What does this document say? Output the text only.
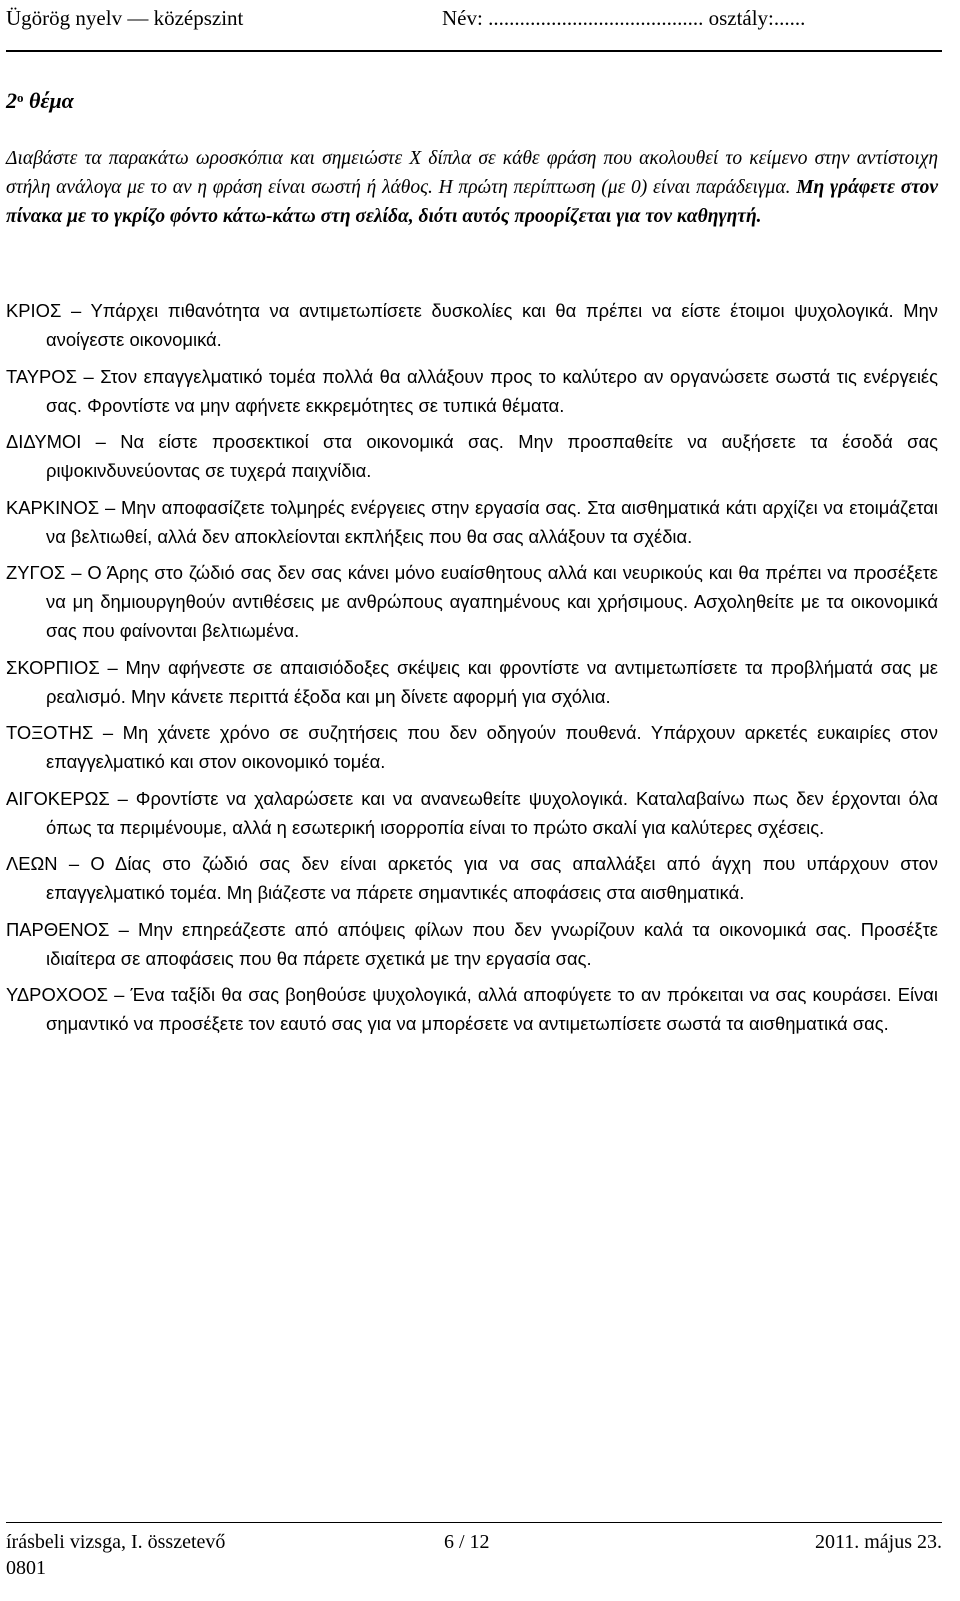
Ügörög nyelv — középszint	Név: ......................................... osztály:......
$2^o$ θέμα
Διαβάστε τα παρακάτω ωροσκόπια και σημειώστε X δίπλα σε κάθε φράση που ακολουθεί το κείμενο στην αντίστοιχη στήλη ανάλογα με το αν η φράση είναι σωστή ή λάθος. Η πρώτη περίπτωση (με 0) είναι παράδειγμα. Μη γράφετε στον πίνακα με το γκρίζο φόντο κάτω-κάτω στη σελίδα, διότι αυτός προορίζεται για τον καθηγητή.
ΚΡΙΟΣ – Υπάρχει πιθανότητα να αντιμετωπίσετε δυσκολίες και θα πρέπει να είστε έτοιμοι ψυχολογικά. Μην ανοίγεστε οικονομικά.
ΤΑΥΡΟΣ – Στον επαγγελματικό τομέα πολλά θα αλλάξουν προς το καλύτερο αν οργανώσετε σωστά τις ενέργειές σας. Φροντίστε να μην αφήνετε εκκρεμότητες σε τυπικά θέματα.
ΔΙΔΥΜΟΙ – Να είστε προσεκτικοί στα οικονομικά σας. Μην προσπαθείτε να αυξήσετε τα έσοδά σας ριψοκινδυνεύοντας σε τυχερά παιχνίδια.
ΚΑΡΚΙΝΟΣ – Μην αποφασίζετε τολμηρές ενέργειες στην εργασία σας. Στα αισθηματικά κάτι αρχίζει να ετοιμάζεται να βελτιωθεί, αλλά δεν αποκλείονται εκπλήξεις που θα σας αλλάξουν τα σχέδια.
ΖΥΓΟΣ – Ο Άρης στο ζώδιό σας δεν σας κάνει μόνο ευαίσθητους αλλά και νευρικούς και θα πρέπει να προσέξετε να μη δημιουργηθούν αντιθέσεις με ανθρώπους αγαπημένους και χρήσιμους. Ασχοληθείτε με τα οικονομικά σας που φαίνονται βελτιωμένα.
ΣΚΟΡΠΙΟΣ – Μην αφήνεστε σε απαισιόδοξες σκέψεις και φροντίστε να αντιμετωπίσετε τα προβλήματά σας με ρεαλισμό. Μην κάνετε περιττά έξοδα και μη δίνετε αφορμή για σχόλια.
ΤΟΞΟΤΗΣ – Μη χάνετε χρόνο σε συζητήσεις που δεν οδηγούν πουθενά. Υπάρχουν αρκετές ευκαιρίες στον επαγγελματικό και στον οικονομικό τομέα.
ΑΙΓΟΚΕΡΩΣ – Φροντίστε να χαλαρώσετε και να ανανεωθείτε ψυχολογικά. Καταλαβαίνω πως δεν έρχονται όλα όπως τα περιμένουμε, αλλά η εσωτερική ισορροπία είναι το πρώτο σκαλί για καλύτερες σχέσεις.
ΛΕΩΝ – Ο Δίας στο ζώδιό σας δεν είναι αρκετός για να σας απαλλάξει από άγχη που υπάρχουν στον επαγγελματικό τομέα. Μη βιάζεστε να πάρετε σημαντικές αποφάσεις στα αισθηματικά.
ΠΑΡΘΕΝΟΣ – Μην επηρεάζεστε από απόψεις φίλων που δεν γνωρίζουν καλά τα οικονομικά σας. Προσέξτε ιδιαίτερα σε αποφάσεις που θα πάρετε σχετικά με την εργασία σας.
ΥΔΡΟΧΟΟΣ – Ένα ταξίδι θα σας βοηθούσε ψυχολογικά, αλλά αποφύγετε το αν πρόκειται να σας κουράσει. Είναι σημαντικό να προσέξετε τον εαυτό σας για να μπορέσετε να αντιμετωπίσετε σωστά τα αισθηματικά σας.
írásbeli vizsga, I. összetevő	6 / 12	2011. május 23.
0801
